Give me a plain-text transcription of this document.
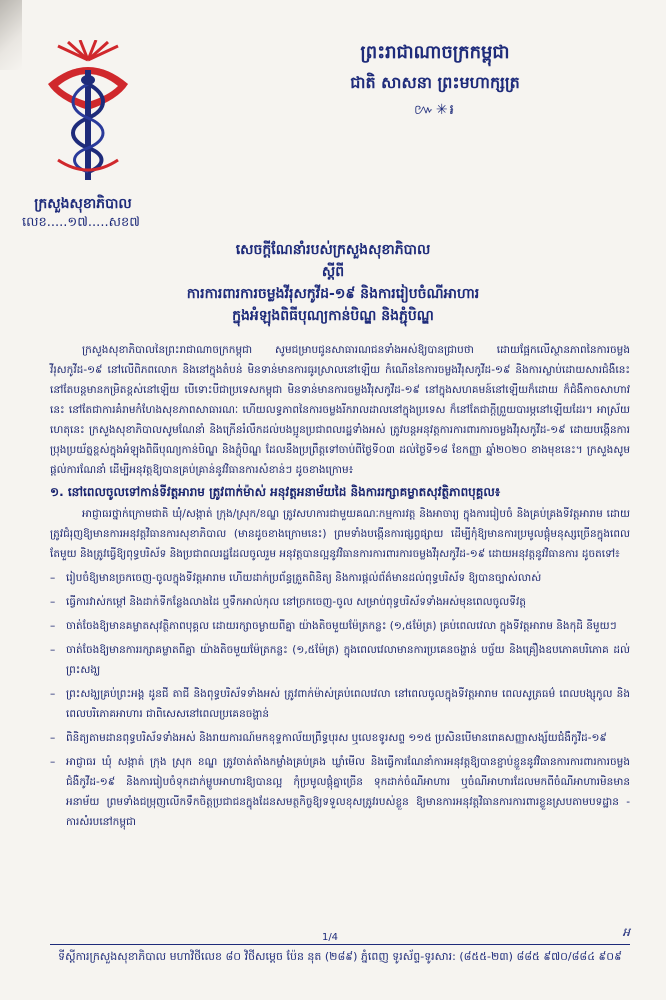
ក្រសួងសុខាភិបាល
លេខ.....១៧.....សខ៧
ព្រះរាជាណាចក្រកម្ពុជា
ជាតិ សាសនា ព្រះមហាក្សត្រ
៚✳៛
សេចក្តីណែនាំរបស់ក្រសួងសុខាភិបាល
ស្តីពី
ការការពារការចម្លងវីរុសកូវីដ-១៩ និងការរៀបចំណីអាហារ
ក្នុងអំឡុងពិធីបុណ្យកាន់បិណ្ឌ និងភ្ជុំបិណ្ឌ
ក្រសួងសុខាភិបាលនៃព្រះរាជាណាចក្រកម្ពុជា សូមជម្រាបជូនសាធារណជនទាំងអស់ឱ្យបានជ្រាបថា ដោយផ្អែកលើស្ថានភាពនៃការចម្លងវីរុសកូវីដ-១៩ នៅលើពិភពលោក និងនៅក្នុងតំបន់ មិនទាន់មានការធូរស្រាលនៅឡើយ កំណើននៃការចម្លងវីរុសកូវីដ-១៩ និងការស្លាប់ដោយសារជំងឺនេះ នៅតែបន្តមានកម្រិតខ្ពស់នៅឡើយ បើទោះបីជាប្រទេសកម្ពុជា មិនទាន់មានការចម្លងវីរុសកូវីដ-១៩ នៅក្នុងសហគមន៍នៅឡើយក៏ដោយ ក៏ជំងឺកាចសាហាវនេះ នៅតែជាការគំរាមកំហែងសុខភាពសាធារណៈ ហើយលទ្ធភាពនៃការចម្លងរីករាលដាលនៅក្នុងប្រទេស ក៏នៅតែជាក្តីព្រួយបារម្ភនៅឡើយដែរ។ អាស្រ័យហេតុនេះ ក្រសួងសុខាភិបាលសូមណែនាំ និងក្រើនរំលឹកដល់បងប្អូនប្រជាពលរដ្ឋទាំងអស់ ត្រូវបន្តអនុវត្តការការពារការចម្លងវីរុសកូវីដ-១៩ ដោយបង្កើនការប្រុងប្រយ័ត្នខ្ពស់ក្នុងអំឡុងពិធីបុណ្យកាន់បិណ្ឌ និងភ្ជុំបិណ្ឌ ដែលនឹងប្រព្រឹត្តទៅចាប់ពីថ្ងៃទី០៣ ដល់ថ្ងៃទី១៨ ខែកញ្ញា ឆ្នាំ២០២០ ខាងមុខនេះ។ ក្រសួងសូមផ្តល់ការណែនាំ ដើម្បីអនុវត្តឱ្យបានគ្រប់គ្រាន់នូវវិធានការសំខាន់ៗ ដូចខាងក្រោម៖
១. នៅពេលចូលទៅកាន់ទីវត្តអារាម ត្រូវពាក់ម៉ាស់ អនុវត្តអនាម័យដៃ និងការរក្សាគម្លាតសុវត្ថិភាពបុគ្គល៖
អាជ្ញាធរថ្នាក់ក្រោមជាតិ ឃុំ/សង្កាត់ ក្រុង/ស្រុក/ខណ្ឌ ត្រូវសហការជាមួយគណៈកម្មការវត្ត និងអាចារ្យ ក្នុងការរៀបចំ និងគ្រប់គ្រងទីវត្តអារាម ដោយត្រូវជំរុញឱ្យមានការអនុវត្តវិធានការសុខាភិបាល (មានដូចខាងក្រោមនេះ) ព្រមទាំងបង្កើនការផ្សព្វផ្សាយ ដើម្បីកុំឱ្យមានការប្រមូលផ្តុំមនុស្សច្រើនក្នុងពេលតែមួយ និងត្រូវធ្វើឱ្យពុទ្ធបរិស័ទ និងប្រជាពលរដ្ឋដែលចូលរួម អនុវត្តបានល្អនូវវិធានការការពារការចម្លងវីរុសកូវីដ-១៩ ដោយអនុវត្តនូវវិធានការ ដូចតទៅ៖
– រៀបចំឱ្យមានច្រកចេញ-ចូលក្នុងទីវត្តអារាម ហើយដាក់ប្រព័ន្ធត្រួតពិនិត្យ និងការផ្តល់ព័ត៌មានដល់ពុទ្ធបរិស័ទ ឱ្យបានច្បាស់លាស់
– ធ្វើការវាស់កម្តៅ និងដាក់ទីកន្លែងលាងដៃ ឬទឹកអាល់កុល នៅច្រកចេញ-ចូល សម្រាប់ពុទ្ធបរិស័ទទាំងអស់មុនពេលចូលទីវត្ត
– ចាត់ចែងឱ្យមានគម្លាតសុវត្ថិភាពបុគ្គល ដោយរក្សាចម្ងាយពីគ្នា យ៉ាងតិចមួយម៉ែត្រកន្លះ (១,៥ម៉ែត្រ) គ្រប់ពេលវេលា ក្នុងទីវត្តអារាម និងកុដិ នីមួយៗ
– ចាត់ចែងឱ្យមានការរក្សាគម្លាតពីគ្នា យ៉ាងតិចមួយម៉ែត្រកន្លះ (១,៥ម៉ែត្រ) ក្នុងពេលវេលាមានការប្រគេនចង្ហាន់ បច្ច័យ និងគ្រឿងឧបភោគបរិភោគ ដល់ព្រះសង្ឃ
– ព្រះសង្ឃគ្រប់ព្រះអង្គ ដូនជី តាជី និងពុទ្ធបរិស័ទទាំងអស់ ត្រូវពាក់ម៉ាស់គ្រប់ពេលវេលា នៅពេលចូលក្នុងទីវត្តអារាម ពេលសូត្រធម៌ ពេលបង្សុកូល និងពេលបរិភោគអាហារ ជាពិសេសនៅពេលប្រគេនចង្ហាន់
– ពិនិត្យតាមដានពុទ្ធបរិស័ទទាំងអស់ និងរាយការណ៍មកខុទ្ទកាល័យព្រឹទ្ធបុរស ឬលេខទូរសព្ទ ១១៥ ប្រសិនបើមានរោគសញ្ញាសង្ស័យជំងឺកូវីដ-១៩
– អាជ្ញាធរ ឃុំ សង្កាត់ ក្រុង ស្រុក ខណ្ឌ ត្រូវចាត់តាំងកម្លាំងគ្រប់គ្រង ឃ្លាំមើល និងធ្វើការណែនាំការអនុវត្តឱ្យបានខ្ជាប់ខ្ជួននូវវិធានការការពារការចម្លងជំងឺកូវីដ-១៩ និងការរៀបចំទុកដាក់ម្ហូបអាហារឱ្យបានល្អ កុំប្រមូលផ្តុំគ្នាច្រើន ទុកដាក់ចំណីអាហារ ឬចំណីអាហារដែលមកពីចំណីអាហារមិនមានអនាម័យ ព្រមទាំងជម្រុញលើកទឹកចិត្តប្រជាជនក្នុងដែនសមត្ថកិច្ចឱ្យទទួលខុសត្រូវរបស់ខ្លួន ឱ្យមានការអនុវត្តវិធានការការពារខ្លួនស្របតាមបទដ្ឋាន - ការសំរបនៅកម្ពុជា
អ
1/4
ទីស្តីការក្រសួងសុខាភិបាល មហាវិថីលេខ ៨០ វិថីសម្តេច ប៉ែន នុត (២៨៩) ភ្នំពេញ ទូរស័ព្ទ-ទូរសារ: (៨៥៥-២៣) ៨៨៥ ៩៧០/៨៨៤ ៩០៩
